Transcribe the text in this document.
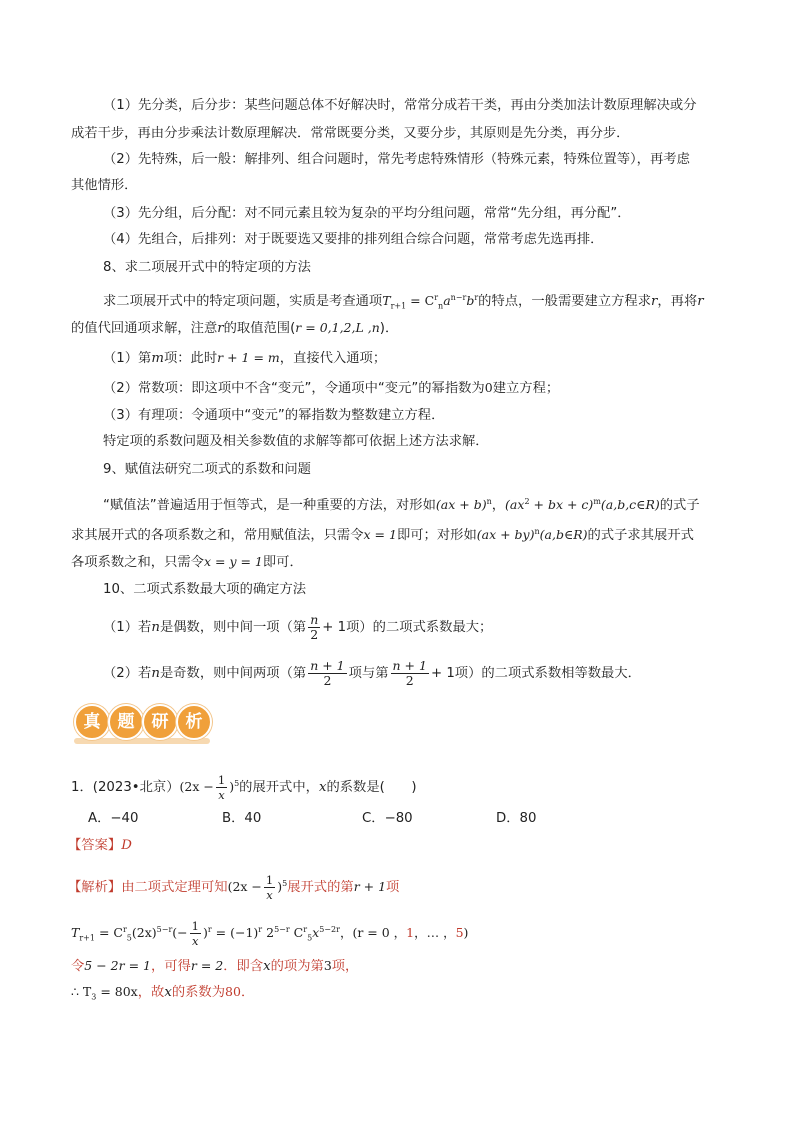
（1）先分类，后分步：某些问题总体不好解决时，常常分成若干类，再由分类加法计数原理解决或分
成若干步，再由分步乘法计数原理解决．常常既要分类，又要分步，其原则是先分类，再分步．
（2）先特殊，后一般：解排列、组合问题时，常先考虑特殊情形（特殊元素，特殊位置等），再考虑
其他情形．
（3）先分组，后分配：对不同元素且较为复杂的平均分组问题，常常“先分组，再分配”．
（4）先组合，后排列：对于既要选又要排的排列组合综合问题，常常考虑先选再排．
8、求二项展开式中的特定项的方法
求二项展开式中的特定项问题，实质是考查通项$T_{r+1} = C^r_na^{n-r}b^r$的特点，一般需要建立方程求r，再将r
的值代回通项求解，注意r的取值范围(r = 0,1,2,L ,n)．
（1）第m项：此时r + 1 = m，直接代入通项；
（2）常数项：即这项中不含“变元”，令通项中“变元”的幂指数为0建立方程；
（3）有理项：令通项中“变元”的幂指数为整数建立方程．
特定项的系数问题及相关参数值的求解等都可依据上述方法求解．
9、赋值法研究二项式的系数和问题
“赋值法”普遍适用于恒等式，是一种重要的方法，对形如(ax + b)$^n$，($ax^2$ + bx + c)$^m$(a,b,c∈R)的式子
求其展开式的各项系数之和，常用赋值法，只需令x = 1即可；对形如(ax + by)$^n$(a,b∈R)的式子求其展开式
各项系数之和，只需令x = y = 1即可．
10、二项式系数最大项的确定方法
（1）若n是偶数，则中间一项（第 $\frac{n}{2} + 1$项）的二项式系数最大；
（2）若n是奇数，则中间两项（第 $\frac{n + 1}{2}$ 项与第 $\frac{n + 1}{2} + 1$项）的二项式系数相等数最大．
真	题	研	析
1．(2023•北京）$(2x - \frac{1}{x} )^5$的展开式中，x的系数是(　　)
A．−40	B．40	C．−80	D．80
【答案】D
【解析】由二项式定理可知$(2x - \frac{1}{x} )^5$展开式的第r + 1项
$T_{r+1} = C^r_5(2x)^{5-r}(- \frac{1}{x} )^r = (-1)^r$ $2^{5-r}$ $C^r_5x^{5-2r}$，(r = 0 ，1，… ，5)
令5 − 2r = 1，可得r = 2．即含x的项为第3项，
∴ $T_3 = 80x$，故x的系数为80．
